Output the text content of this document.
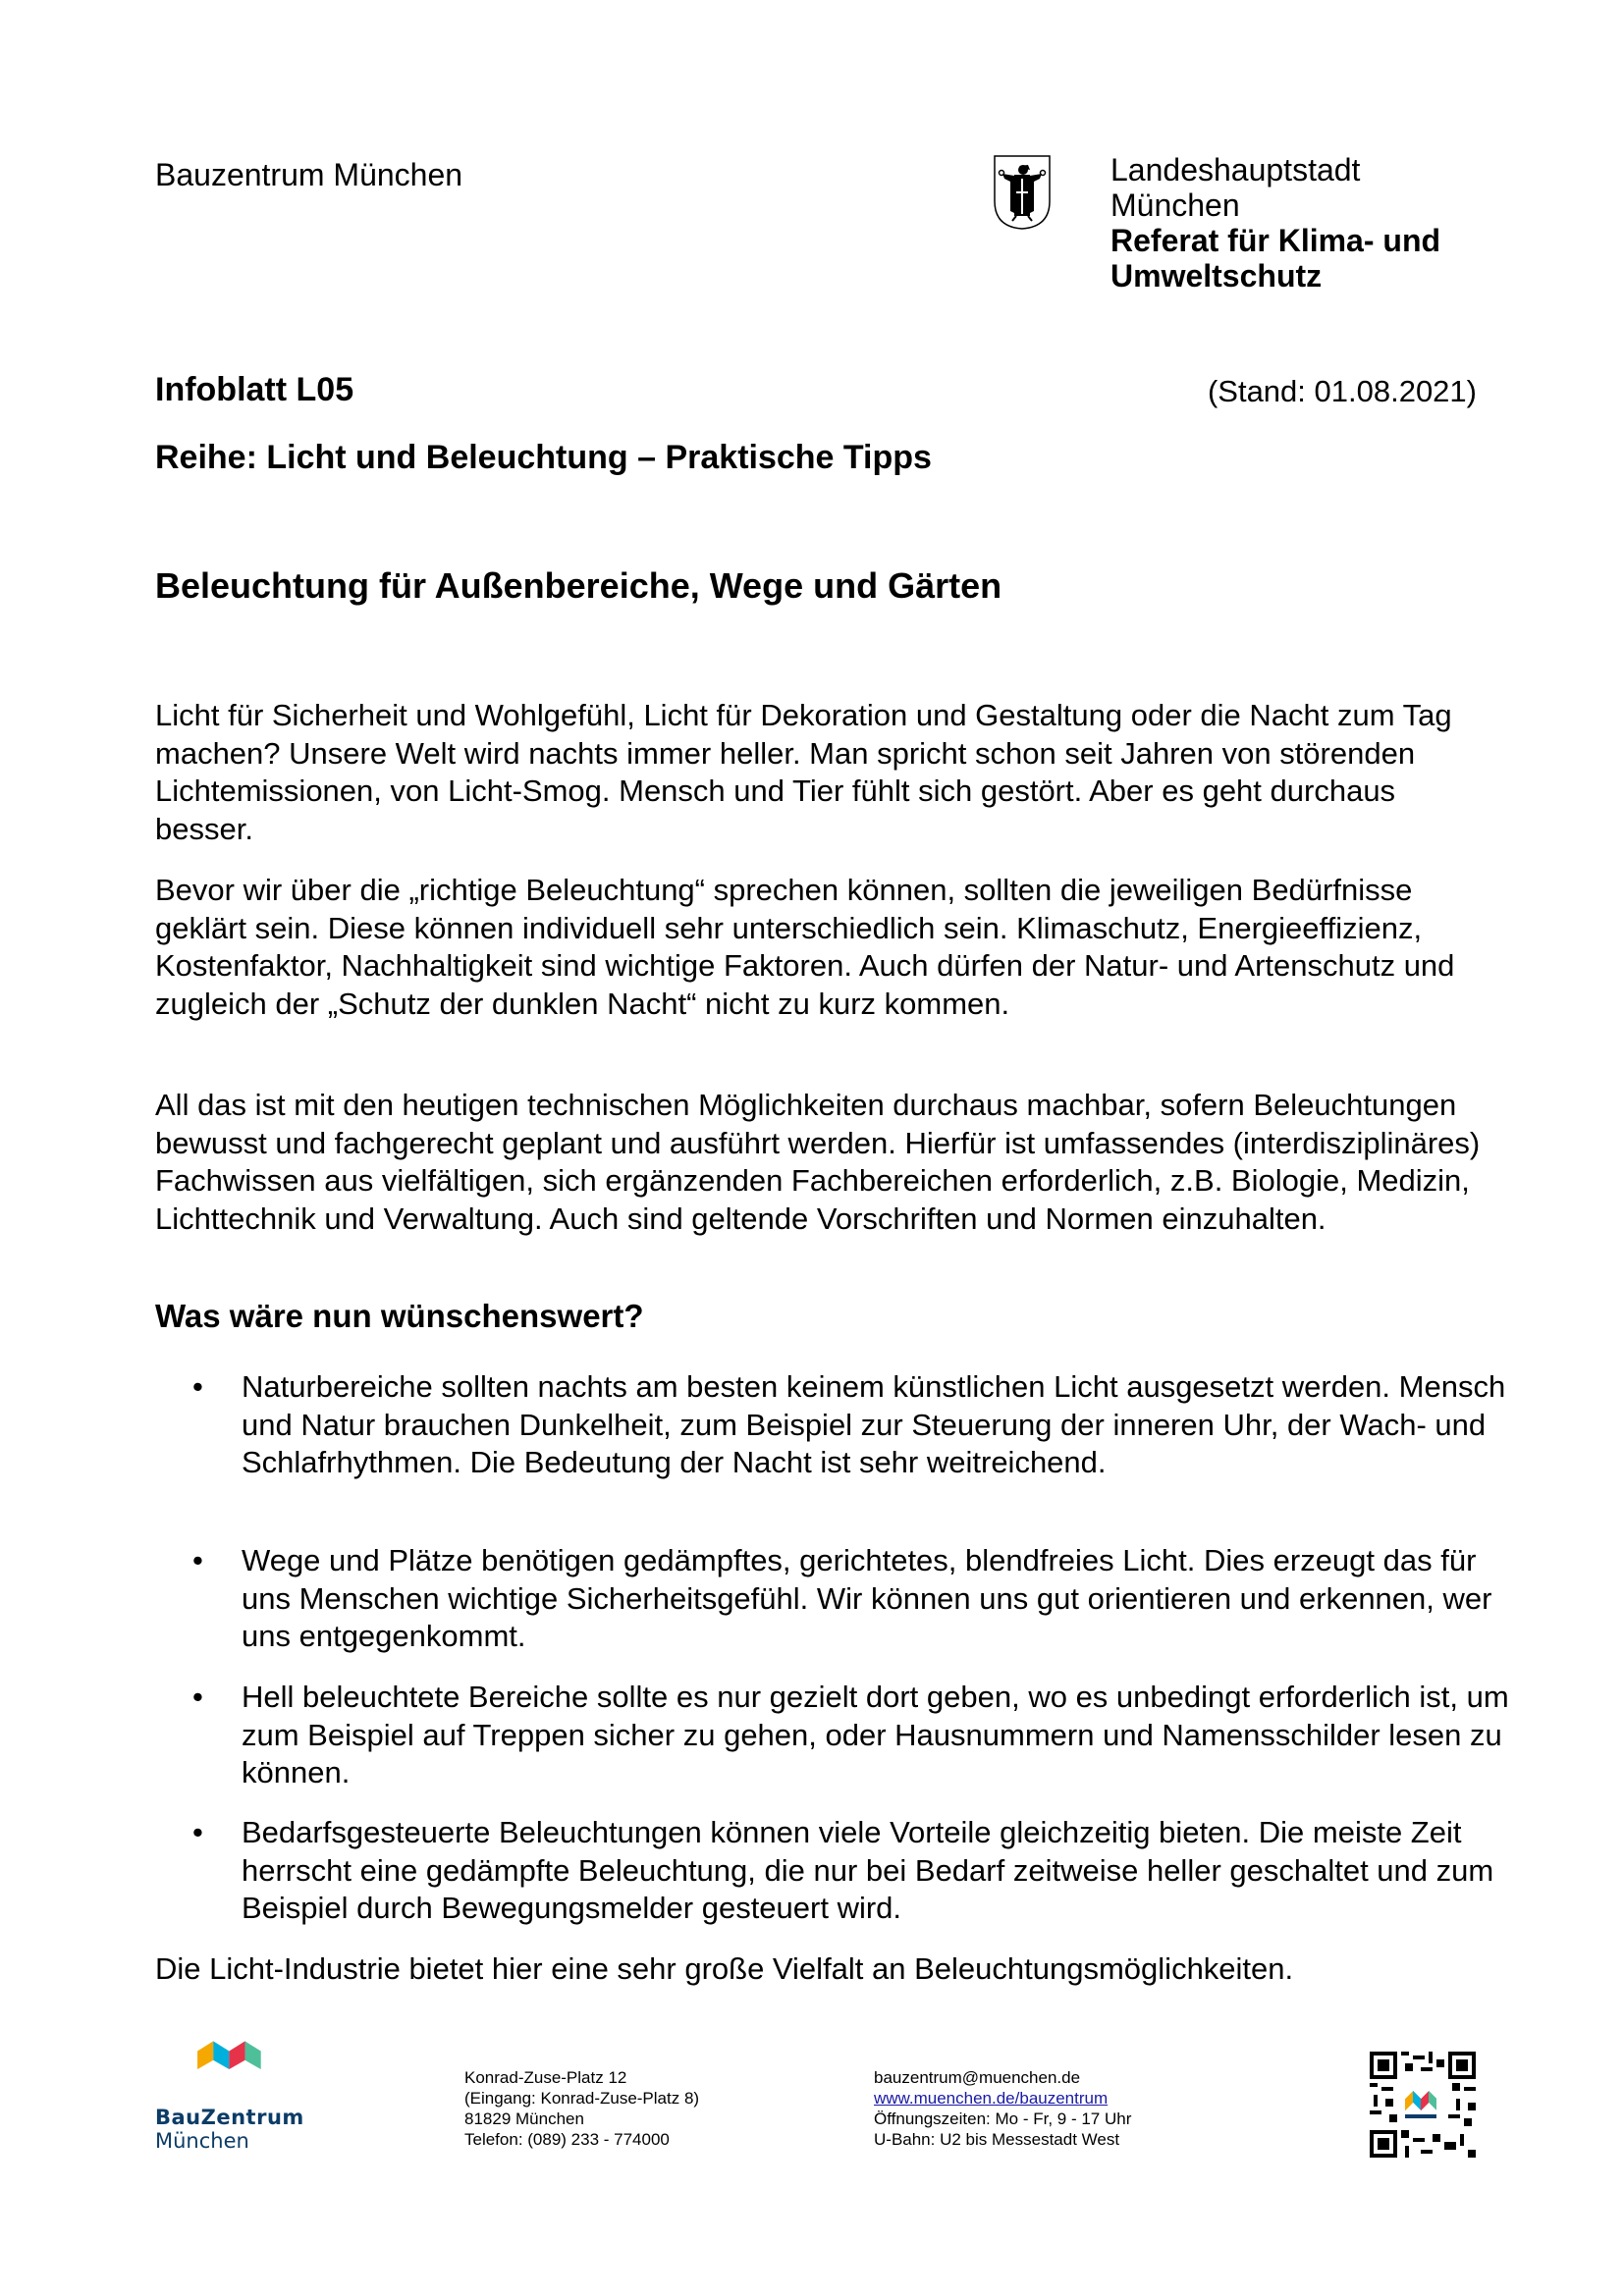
Bauzentrum München	Landeshauptstadt
München
Referat für Klima- und
Umweltschutz
Infoblatt L05	(Stand: 01.08.2021)
Reihe: Licht und Beleuchtung – Praktische Tipps
Beleuchtung für Außenbereiche, Wege und Gärten
Licht für Sicherheit und Wohlgefühl, Licht für Dekoration und Gestaltung oder die Nacht zum Tag machen? Unsere Welt wird nachts immer heller. Man spricht schon seit Jahren von störenden Lichtemissionen, von Licht-Smog. Mensch und Tier fühlt sich gestört. Aber es geht durchaus besser.
Bevor wir über die „richtige Beleuchtung“ sprechen können, sollten die jeweiligen Bedürfnisse geklärt sein. Diese können individuell sehr unterschiedlich sein. Klimaschutz, Energieeffizienz, Kostenfaktor, Nachhaltigkeit sind wichtige Faktoren. Auch dürfen der Natur- und Artenschutz und zugleich der „Schutz der dunklen Nacht“ nicht zu kurz kommen.
All das ist mit den heutigen technischen Möglichkeiten durchaus machbar, sofern Beleuchtungen bewusst und fachgerecht geplant und ausführt werden. Hierfür ist umfassendes (interdisziplinäres) Fachwissen aus vielfältigen, sich ergänzenden Fachbereichen erforderlich, z.B. Biologie, Medizin, Lichttechnik und Verwaltung. Auch sind geltende Vorschriften und Normen einzuhalten.
Was wäre nun wünschenswert?
• Naturbereiche sollten nachts am besten keinem künstlichen Licht ausgesetzt werden. Mensch und Natur brauchen Dunkelheit, zum Beispiel zur Steuerung der inneren Uhr, der Wach- und Schlafrhythmen. Die Bedeutung der Nacht ist sehr weitreichend.
• Wege und Plätze benötigen gedämpftes, gerichtetes, blendfreies Licht. Dies erzeugt das für uns Menschen wichtige Sicherheitsgefühl. Wir können uns gut orientieren und erkennen, wer uns entgegenkommt.
• Hell beleuchtete Bereiche sollte es nur gezielt dort geben, wo es unbedingt erforderlich ist, um zum Beispiel auf Treppen sicher zu gehen, oder Hausnummern und Namensschilder lesen zu können.
• Bedarfsgesteuerte Beleuchtungen können viele Vorteile gleichzeitig bieten. Die meiste Zeit herrscht eine gedämpfte Beleuchtung, die nur bei Bedarf zeitweise heller geschaltet und zum Beispiel durch Bewegungsmelder gesteuert wird.
Die Licht-Industrie bietet hier eine sehr große Vielfalt an Beleuchtungsmöglichkeiten.
BauZentrum
München
Konrad-Zuse-Platz 12
(Eingang: Konrad-Zuse-Platz 8)
81829 München
Telefon: (089) 233 - 774000
bauzentrum@muenchen.de
www.muenchen.de/bauzentrum
Öffnungszeiten: Mo - Fr, 9 - 17 Uhr
U-Bahn: U2 bis Messestadt West
